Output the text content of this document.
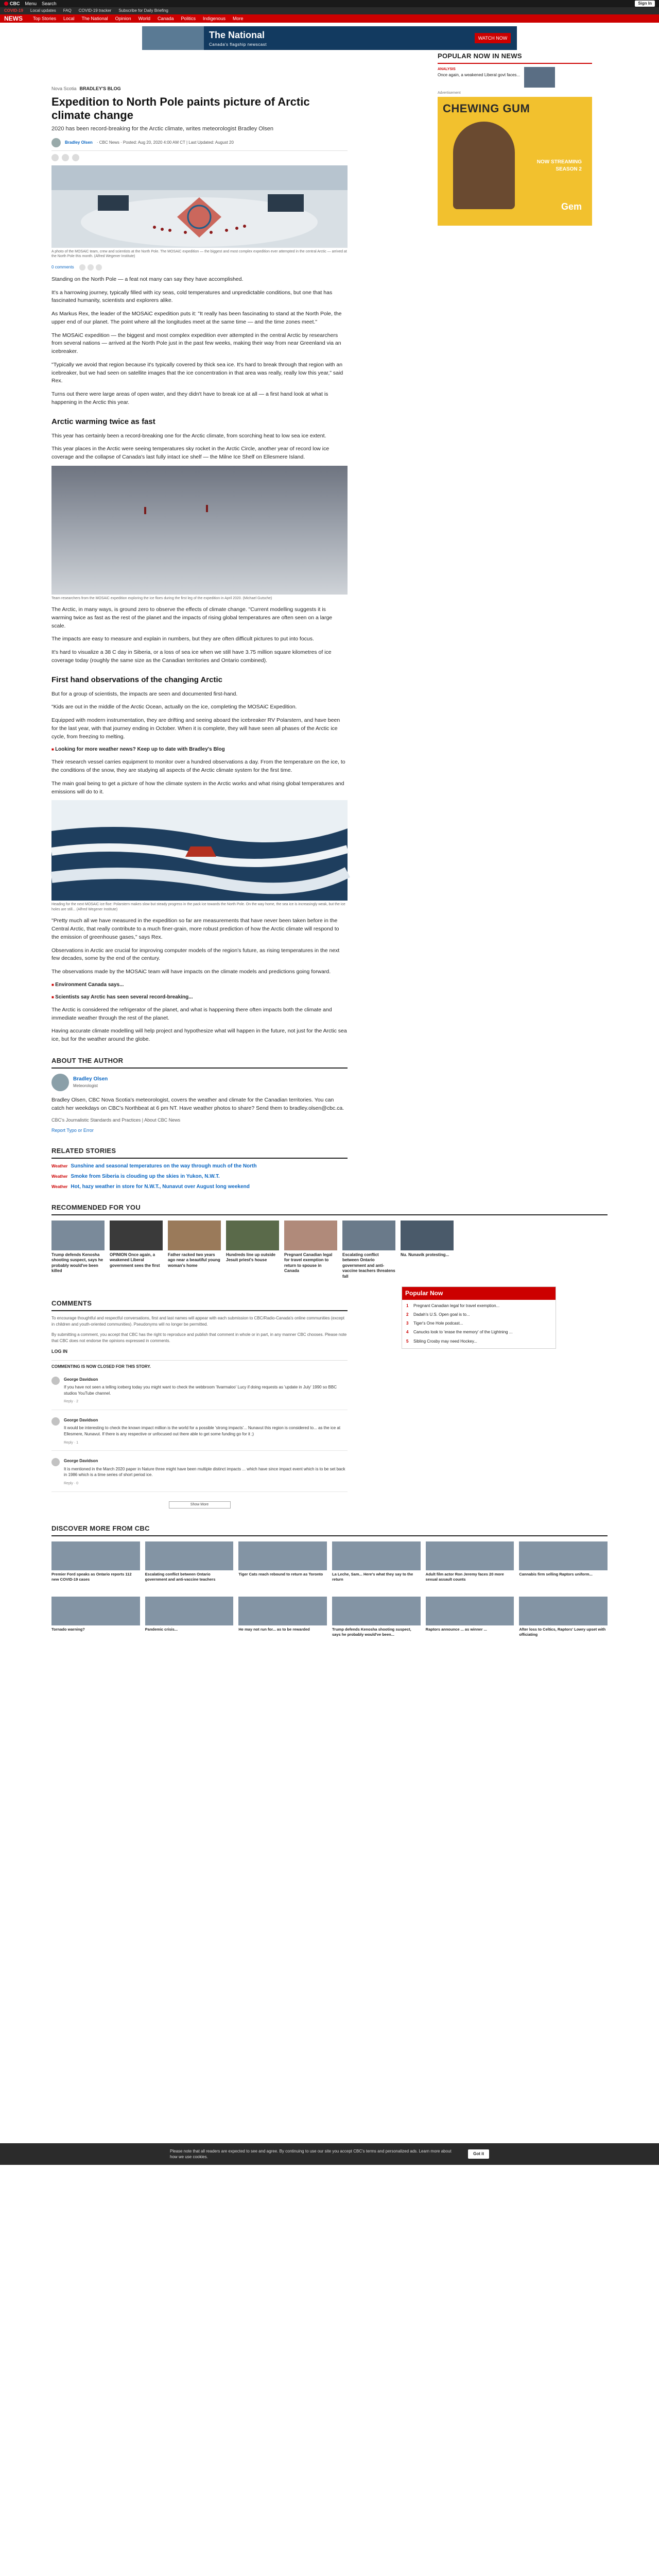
CBC Menu Search	Sign In
COVID-19 Local updates FAQ COVID-19 tracker Subscribe for Daily Briefing
NEWS Top Stories Local The National Opinion World Canada Politics Indigenous More
The National
Canada's flagship newscast
WATCH NOW
Nova Scotia BRADLEY'S BLOG
Expedition to North Pole paints picture of Arctic climate change
2020 has been record-breaking for the Arctic climate, writes meteorologist Bradley Olsen
Bradley Olsen · CBC News · Posted: Aug 20, 2020 4:00 AM CT | Last Updated: August 20
A photo of the MOSAiC team, crew and scientists at the North Pole. The MOSAiC expedition — the biggest and most complex expedition ever attempted in the central Arctic — arrived at the North Pole this month. (Alfred Wegener Institute)
0 comments

Standing on the North Pole — a feat not many can say they have accomplished.

It's a harrowing journey, typically filled with icy seas, cold temperatures and unpredictable conditions, but one that has fascinated humanity, scientists and explorers alike.

As Markus Rex, the leader of the MOSAiC expedition puts it: "It really has been fascinating to stand at the North Pole, the upper end of our planet. The point where all the longitudes meet at the same time — and the time zones meet."

The MOSAiC expedition — the biggest and most complex expedition ever attempted in the central Arctic by researchers from several nations — arrived at the North Pole just in the past few weeks, making their way from near Greenland via an icebreaker.

"Typically we avoid that region because it's typically covered by thick sea ice. It's hard to break through that region with an icebreaker, but we had seen on satellite images that the ice concentration in that area was really, really low this year," said Rex.

Turns out there were large areas of open water, and they didn't have to break ice at all — a first hand look at what is happening in the Arctic this year.

Arctic warming twice as fast

This year has certainly been a record-breaking one for the Arctic climate, from scorching heat to low sea ice extent.

This year places in the Arctic were seeing temperatures sky rocket in the Arctic Circle, another year of record low ice coverage and the collapse of Canada's last fully intact ice shelf — the Milne Ice Shelf on Ellesmere Island.

Team researchers from the MOSAiC expedition exploring the ice floes during the first leg of the expedition in April 2020. (Michael Gutsche)

The Arctic, in many ways, is ground zero to observe the effects of climate change. "Current modelling suggests it is warming twice as fast as the rest of the planet and the impacts of rising global temperatures are often seen on a large scale.

The impacts are easy to measure and explain in numbers, but they are often difficult pictures to put into focus.

It's hard to visualize a 38 C day in Siberia, or a loss of sea ice when we still have 3.75 million square kilometres of ice coverage today (roughly the same size as the Canadian territories and Ontario combined).

First hand observations of the changing Arctic

But for a group of scientists, the impacts are seen and documented first-hand.

"Kids are out in the middle of the Arctic Ocean, actually on the ice, completing the MOSAiC Expedition.

Equipped with modern instrumentation, they are drifting and seeing aboard the icebreaker RV Polarstern, and have been for the last year, with that journey ending in October. When it is complete, they will have seen all phases of the Arctic ice cycle, from freezing to melting.

■ Looking for more weather news? Keep up to date with Bradley's Blog

Their research vessel carries equipment to monitor over a hundred observations a day. From the temperature on the ice, to the conditions of the snow, they are studying all aspects of the Arctic climate system for the first time.

The main goal being to get a picture of how the climate system in the Arctic works and what rising global temperatures and emissions will do to it.

Heading for the next MOSAiC ice floe: Polarstern makes slow but steady progress in the pack ice towards the North Pole. On the way home, the sea ice is increasingly weak, but the ice holes are still... (Alfred Wegener Institute)

"Pretty much all we have measured in the expedition so far are measurements that have never been taken before in the Central Arctic, that really contribute to a much finer-grain, more robust prediction of how the Arctic climate will respond to the emission of greenhouse gases," says Rex.

Observations in Arctic are crucial for improving computer models of the region's future, as rising temperatures in the next few decades, some by the end of the century.

The observations made by the MOSAiC team will have impacts on the climate models and predictions going forward.

■ Environment Canada says...
■ Scientists say Arctic has seen several record-breaking...

The Arctic is considered the refrigerator of the planet, and what is happening there often impacts both the climate and immediate weather through the rest of the planet.

Having accurate climate modelling will help project and hypothesize what will happen in the future, not just for the Arctic sea ice, but for the weather around the globe.

ABOUT THE AUTHOR
Bradley Olsen
Meteorologist

Bradley Olsen, CBC Nova Scotia's meteorologist, covers the weather and climate for the Canadian territories. You can catch her weekdays on CBC's Northbeat at 6 pm NT. Have weather photos to share? Send them to bradley.olsen@cbc.ca.

CBC's Journalistic Standards and Practices | About CBC News
Report Typo or Error
RELATED STORIES
Weather Sunshine and seasonal temperatures on the way through much of the North
Weather Smoke from Siberia is clouding up the skies in Yukon, N.W.T.
Weather Hot, hazy weather in store for N.W.T., Nunavut over August long weekend
POPULAR NOW IN NEWS
ANALYSIS
Once again, a weakened Liberal govt faces...
Advertisement
CHEWING GUM
NOW STREAMING
SEASON 2
Gem
RECOMMENDED FOR YOU
Trump defends Kenosha shooting suspect, says he probably would've been killed
OPINION Once again, a weakened Liberal government sees the first
Father racked two years ago near a beautiful young woman's home
Hundreds line up outside Jesuit priest's house
Pregnant Canadian legal for travel exemption to return to spouse in Canada
Escalating conflict between Ontario government and anti-vaccine teachers threatens fall
Nu. Nunavik protesting...
COMMENTS
To encourage thoughtful and respectful conversations, first and last names will appear with each submission to CBC/Radio-Canada's online communities (except in children and youth-oriented communities). Pseudonyms will no longer be permitted.
By submitting a comment, you accept that CBC has the right to reproduce and publish that comment in whole or in part, in any manner CBC chooses. Please note that CBC does not endorse the opinions expressed in comments.
LOG IN
COMMENTING IS NOW CLOSED FOR THIS STORY.
George Davidson
If you have not seen a telling iceberg today you might want to check the webbroom 'Ilvarmaloo' Lucy if doing requests as 'update in July' 1990 so BBC studios YouTube channel.
Reply · 2
George Davidson
It would be interesting to check the known impact million is the world for a possible 'strong impacts'... Nunavut this region is considered to... as the ice at Ellesmere, Nunavut. If there is any respective or unfocused out there able to get some funding go for it ;)
Reply · 1
George Davidson
It is mentioned in the March 2020 paper in Nature three might have been multiple distinct impacts ... which have since impact event which is to be set back in 1986 which is a time series of short period ice.
Reply · 0
Show More
Popular Now
1	Pregnant Canadian legal for travel exemption...
2	Dadah's U.S. Open goal is to...
3	Tiger's One Hole podcast...
4	Canucks look to 'erase the memory' of the Lightning ...
5	Sibling Crosby may need Hockey...
DISCOVER MORE FROM CBC
Premier Ford speaks as Ontario reports 112 new COVID-19 cases
Escalating conflict between Ontario government and anti-vaccine teachers
Tiger Cats reach rebound to return as Toronto	La Leche, Sam... Here's what they say to the return
Adult film actor Ron Jeremy faces 20 more sexual assault counts
Cannabis firm selling Raptors uniform...
Tornado warning?	Pandemic crisis...	He may not run for... as to be rewarded	Trump defends Kenosha shooting suspect, says he probably would've been...
Raptors announce ... as winner ...	After loss to Celtics, Raptors' Lowry upset with officiating
Please note that all readers are expected to see and agree. By continuing to use our site you accept CBC's terms and personalized ads. Learn more about how we use cookies.
Got it
